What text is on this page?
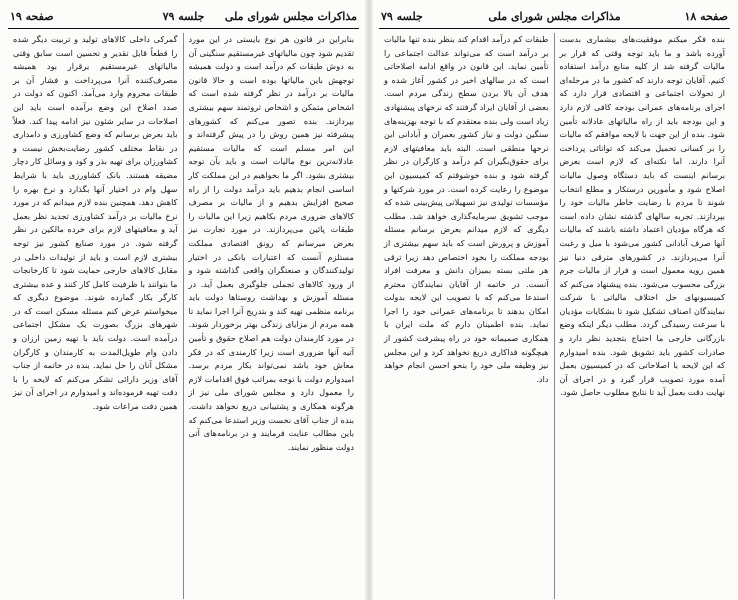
صفحه ۱۸
مذاکرات مجلس شورای ملی
جلسه ۷۹

بنده فکر میکنم موفقیت‌های بیشماری بدست آورده باشد و ما باید توجه وقتی که قرار بر مالیات گرفته شد از کلیه منابع درآمد استفاده کنیم. آقایان توجه دارند که کشور ما در مرحله‌ای از تحولات اجتماعی و اقتصادی قرار دارد که اجرای برنامه‌های عمرانی بودجه کافی لازم دارد و این بودجه باید از راه مالیاتهای عادلانه تأمین شود. بنده از این جهت با لایحه موافقم که مالیات را بر کسانی تحمیل می‌کند که توانائی پرداخت آنرا دارند. اما نکته‌ای که لازم است بعرض برسانم اینست که باید دستگاه وصول مالیات اصلاح شود و مأمورین درستکار و مطلع انتخاب شوند تا مردم با رضایت خاطر مالیات خود را بپردازند. تجربه سالهای گذشته نشان داده است که هرگاه مؤدیان اعتماد داشته باشند که مالیات آنها صرف آبادانی کشور می‌شود با میل و رغبت آنرا می‌پردازند. در کشورهای مترقی دنیا نیز همین رویه معمول است و فرار از مالیات جرم بزرگی محسوب می‌شود. بنده پیشنهاد می‌کنم که کمیسیونهای حل اختلاف مالیاتی با شرکت نمایندگان اصناف تشکیل شود تا بشکایات مؤدیان با سرعت رسیدگی گردد. مطلب دیگر اینکه وضع بازرگانی خارجی ما احتیاج بتجدید نظر دارد و صادرات کشور باید تشویق شود. بنده امیدوارم که این لایحه با اصلاحاتی که در کمیسیون بعمل آمده مورد تصویب قرار گیرد و در اجرای آن نهایت دقت بعمل آید تا نتایج مطلوب حاصل شود.

طبقات کم درآمد اقدام کند بنظر بنده تنها مالیات بر درآمد است که می‌تواند عدالت اجتماعی را تأمین نماید. این قانون در واقع ادامه اصلاحاتی است که در سالهای اخیر در کشور آغاز شده و هدف آن بالا بردن سطح زندگی مردم است. بعضی از آقایان ایراد گرفتند که نرخهای پیشنهادی زیاد است ولی بنده معتقدم که با توجه بهزینه‌های سنگین دولت و نیاز کشور بعمران و آبادانی این نرخها منطقی است. البته باید معافیتهای لازم برای حقوق‌بگیران کم درآمد و کارگران در نظر گرفته شود و بنده خوشوقتم که کمیسیون این موضوع را رعایت کرده است. در مورد شرکتها و مؤسسات تولیدی نیز تسهیلاتی پیش‌بینی شده که موجب تشویق سرمایه‌گذاری خواهد شد. مطلب دیگری که لازم میدانم بعرض برسانم مسئله آموزش و پرورش است که باید سهم بیشتری از بودجه مملکت را بخود اختصاص دهد زیرا ترقی هر ملتی بسته بمیزان دانش و معرفت افراد آنست. در خاتمه از آقایان نمایندگان محترم استدعا می‌کنم که با تصویب این لایحه بدولت امکان بدهند تا برنامه‌های عمرانی خود را اجرا نماید. بنده اطمینان دارم که ملت ایران با همکاری صمیمانه خود در راه پیشرفت کشور از هیچگونه فداکاری دریغ نخواهد کرد و این مجلس نیز وظیفه ملی خود را بنحو احسن انجام خواهد داد.

مذاکرات مجلس شورای ملی
جلسه ۷۹
صفحه ۱۹

بنابراین در قانون هر نوع بایستی در این مورد تقدیم شود چون مالیاتهای غیرمستقیم سنگینی آن به دوش طبقات کم درآمد است و دولت همیشه توجهش باین مالیاتها بوده است و حالا قانون مالیات بر درآمد در نظر گرفته شده است که اشخاص متمکن و اشخاص ثروتمند سهم بیشتری بپردازند. بنده تصور می‌کنم که کشورهای پیشرفته نیز همین روش را در پیش گرفته‌اند و این امر مسلم است که مالیات مستقیم عادلانه‌ترین نوع مالیات است و باید بآن توجه بیشتری بشود. اگر ما بخواهیم در این مملکت کار اساسی انجام بدهیم باید درآمد دولت را از راه صحیح افزایش بدهیم و از مالیات بر مصرف کالاهای ضروری مردم بکاهیم زیرا این مالیات را طبقات پائین می‌پردازند. در مورد تجارت نیز بعرض میرسانم که رونق اقتصادی مملکت مستلزم آنست که اعتبارات بانکی در اختیار تولیدکنندگان و صنعتگران واقعی گذاشته شود و از ورود کالاهای تجملی جلوگیری بعمل آید. در مسئله آموزش و بهداشت روستاها دولت باید برنامه منظمی تهیه کند و بتدریج آنرا اجرا نماید تا همه مردم از مزایای زندگی بهتر برخوردار شوند. در مورد کارمندان دولت هم اصلاح حقوق و تأمین آتیه آنها ضروری است زیرا کارمندی که در فکر معاش خود باشد نمی‌تواند بکار مردم برسد. امیدوارم دولت با توجه بمراتب فوق اقدامات لازم را معمول دارد و مجلس شورای ملی نیز از هرگونه همکاری و پشتیبانی دریغ نخواهد داشت. بنده از جناب آقای نخست وزیر استدعا می‌کنم که باین مطالب عنایت فرمایند و در برنامه‌های آتی دولت منظور نمایند.

گمرکی داخلی کالاهای تولید و تربیت دیگر شده را قطعاً قابل تقدیر و تحسین است سابق وقتی مالیاتهای غیرمستقیم برقرار بود همیشه مصرف‌کننده آنرا می‌پرداخت و فشار آن بر طبقات محروم وارد می‌آمد. اکنون که دولت در صدد اصلاح این وضع برآمده است باید این اصلاحات در سایر شئون نیز ادامه پیدا کند. فعلاً باید بعرض برسانم که وضع کشاورزی و دامداری در نقاط مختلف کشور رضایت‌بخش نیست و کشاورزان برای تهیه بذر و کود و وسائل کار دچار مضیقه هستند. بانک کشاورزی باید با شرایط سهل وام در اختیار آنها بگذارد و نرخ بهره را کاهش دهد. همچنین بنده لازم میدانم که در مورد نرخ مالیات بر درآمد کشاورزی تجدید نظر بعمل آید و معافیتهای لازم برای خرده مالکین در نظر گرفته شود. در مورد صنایع کشور نیز توجه بیشتری لازم است و باید از تولیدات داخلی در مقابل کالاهای خارجی حمایت شود تا کارخانجات ما بتوانند با ظرفیت کامل کار کنند و عده بیشتری کارگر بکار گمارده شوند. موضوع دیگری که میخواستم عرض کنم مسئله مسکن است که در شهرهای بزرگ بصورت یک مشکل اجتماعی درآمده است. دولت باید با تهیه زمین ارزان و دادن وام طویل‌المدت به کارمندان و کارگران مشکل آنان را حل نماید. بنده در خاتمه از جناب آقای وزیر دارائی تشکر می‌کنم که لایحه را با دقت تهیه فرموده‌اند و امیدوارم در اجرای آن نیز همین دقت مراعات شود.
